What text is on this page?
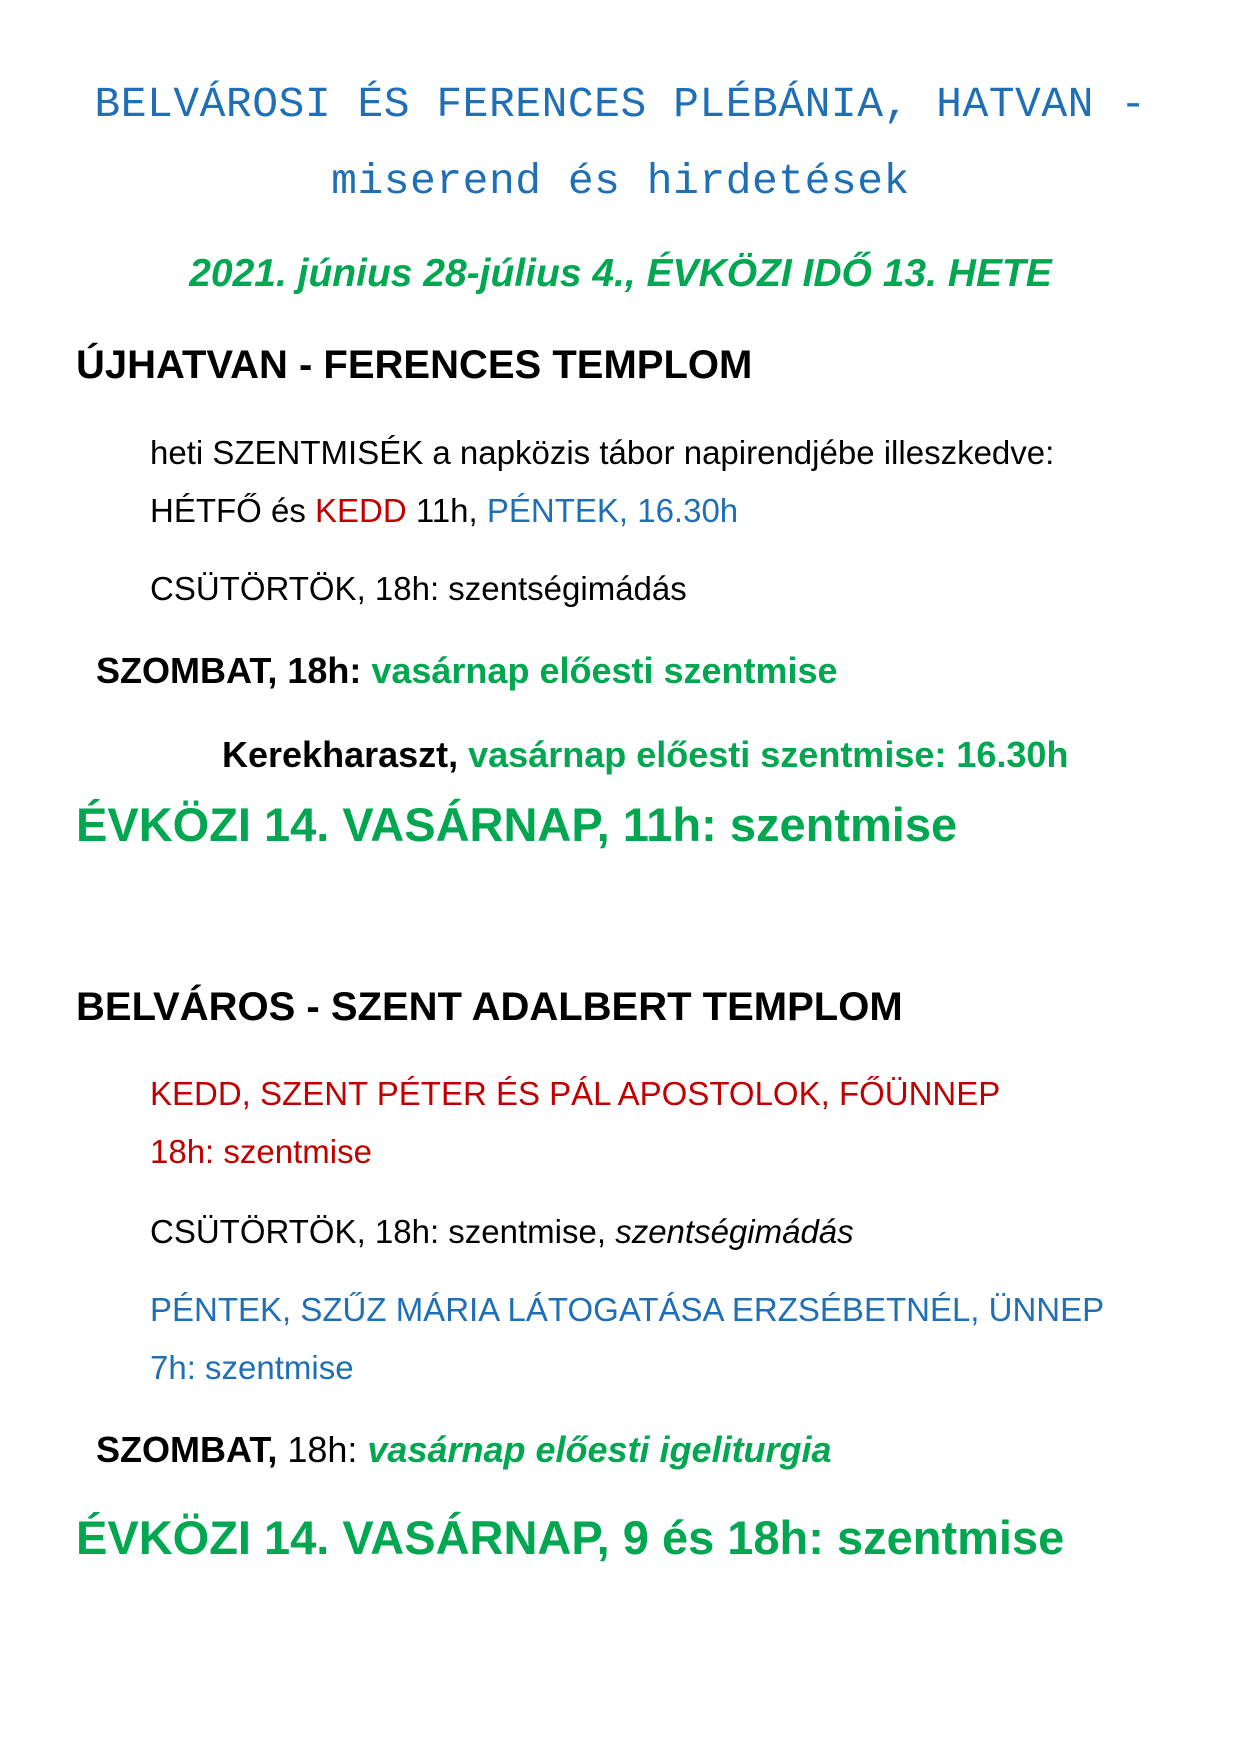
BELVÁROSI ÉS FERENCES PLÉBÁNIA, HATVAN -
miserend és hirdetések
2021. június 28-július 4., ÉVKÖZI IDŐ 13. HETE
ÚJHATVAN - FERENCES TEMPLOM
heti SZENTMISÉK a napközis tábor napirendjébe illeszkedve:
HÉTFŐ és KEDD 11h, PÉNTEK, 16.30h
CSÜTÖRTÖK, 18h: szentségimádás
SZOMBAT, 18h: vasárnap előesti szentmise
Kerekharaszt, vasárnap előesti szentmise: 16.30h
ÉVKÖZI 14. VASÁRNAP, 11h: szentmise
BELVÁROS - SZENT ADALBERT TEMPLOM
KEDD, SZENT PÉTER ÉS PÁL APOSTOLOK, FŐÜNNEP
18h: szentmise
CSÜTÖRTÖK, 18h: szentmise, szentségimádás
PÉNTEK, SZŰZ MÁRIA LÁTOGATÁSA ERZSÉBETNÉL, ÜNNEP
7h: szentmise
SZOMBAT, 18h: vasárnap előesti igeliturgia
ÉVKÖZI 14. VASÁRNAP, 9 és 18h: szentmise
